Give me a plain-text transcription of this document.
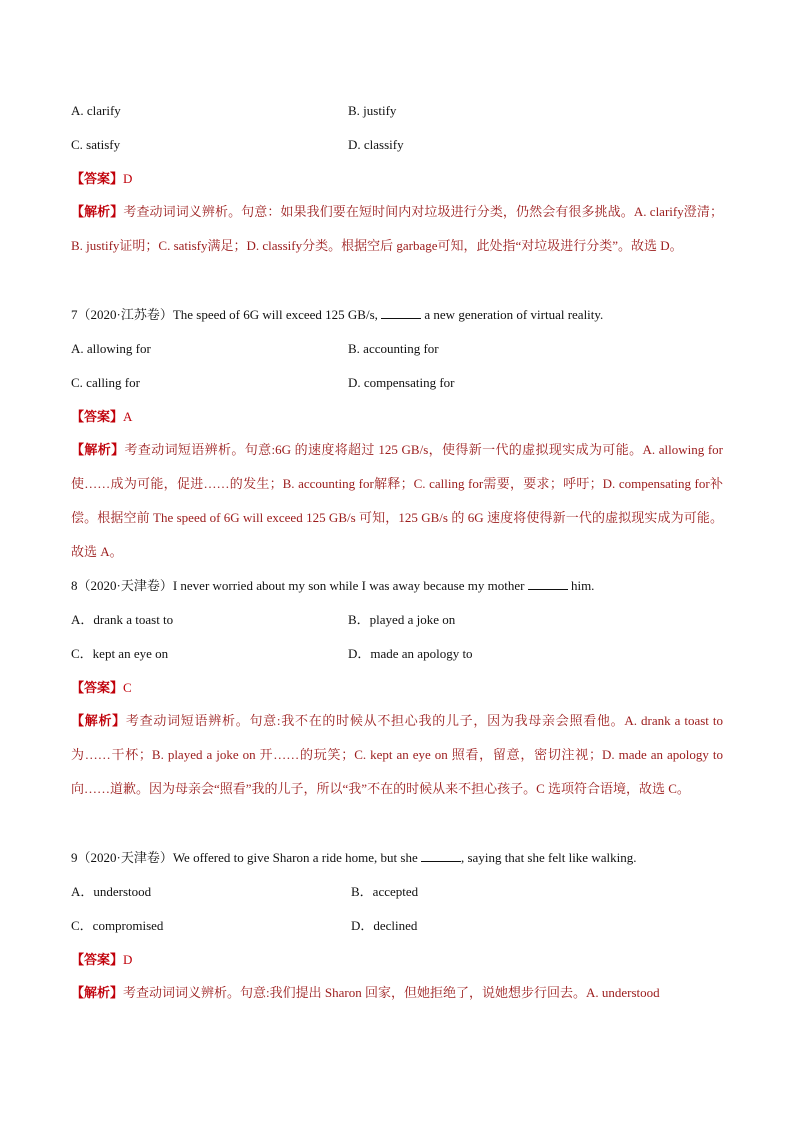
A. clarify	B. justify
C. satisfy	D. classify
【答案】D
【解析】考查动词词义辨析。句意：如果我们要在短时间内对垃圾进行分类，仍然会有很多挑战。A. clarify澄清；B. justify证明；C. satisfy满足；D. classify分类。根据空后 garbage可知，此处指“对垃圾进行分类”。故选 D。
7（2020·江苏卷）The speed of 6G will exceed 125 GB/s,	a new generation of virtual reality.
A. allowing for	B. accounting for
C. calling for	D. compensating for
【答案】A
【解析】考查动词短语辨析。句意:6G 的速度将超过 125 GB/s，使得新一代的虚拟现实成为可能。A. allowing for使……成为可能，促进……的发生；B. accounting for解释；C. calling for需要，要求；呼吁；D. compensating for补偿。根据空前 The speed of 6G will exceed 125 GB/s 可知，125 GB/s 的 6G 速度将使得新一代的虚拟现实成为可能。故选 A。
8（2020·天津卷）I never worried about my son while I was away because my mother	him.
A．drank a toast to	B．played a joke on
C．kept an eye on	D．made an apology to
【答案】C
【解析】考查动词短语辨析。句意:我不在的时候从不担心我的儿子，因为我母亲会照看他。A. drank a toast to 为……干杯；B. played a joke on 开……的玩笑；C. kept an eye on 照看，留意，密切注视；D. made an apology to 向……道歉。因为母亲会“照看”我的儿子，所以“我”不在的时候从来不担心孩子。C 选项符合语境，故选 C。
9（2020·天津卷）We offered to give Sharon a ride home, but she	, saying that she felt like walking.
A．understood	B．accepted
C．compromised	D．declined
【答案】D
【解析】考查动词词义辨析。句意:我们提出 Sharon 回家，但她拒绝了，说她想步行回去。A. understood
